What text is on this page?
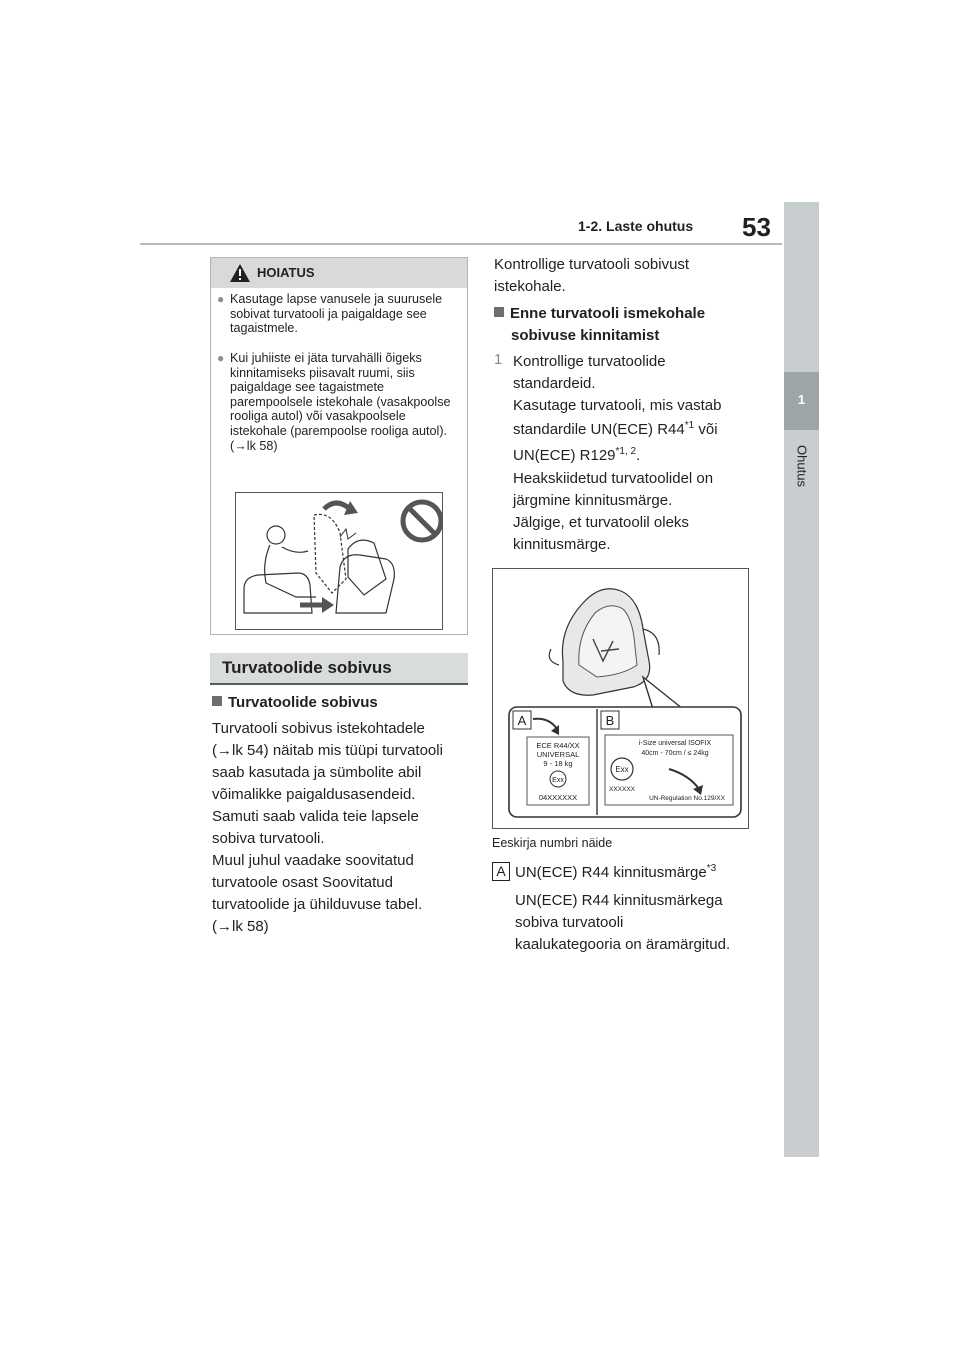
1-2. Laste ohutus 53
1
Ohutus
HOIATUS
● Kasutage lapse vanusele ja suurusele sobivat turvatooli ja paigaldage see tagaistmele.
● Kui juhiiste ei jäta turvahälli õigeks kinnitamiseks piisavalt ruumi, siis paigaldage see tagaistmete parempoolsele istekohale (vasakpoolse rooliga autol) või vasakpoolsele istekohale (parempoolse rooliga autol). (→lk 58)
Turvatoolide sobivus
Turvatoolide sobivus
Turvatooli sobivus istekohtadele
(→lk 54) näitab mis tüüpi turvatooli
saab kasutada ja sümbolite abil
võimalikke paigaldusasendeid.
Samuti saab valida teie lapsele
sobiva turvatooli.
Muul juhul vaadake soovitatud
turvatoole osast Soovitatud
turvatoolide ja ühilduvuse tabel.
(→lk 58)
Kontrollige turvatooli sobivust
istekohale.
Enne turvatooli ismekohale
sobivuse kinnitamist
1 Kontrollige turvatoolide
standardeid.
Kasutage turvatooli, mis vastab
standardile UN(ECE) R44$^{*1}$ või
UN(ECE) R129$^{*1, 2}$.
Heakskiidetud turvatoolidel on
järgmine kinnitusmärge.
Jälgige, et turvatoolil oleks
kinnitusmärge.
A
ECE R44/XX
UNIVERSAL
9 - 18 kg
Exx
04XXXXXX
B
i-Size universal ISOFIX
40cm - 70cm / ≤ 24kg
Exx
XXXXXX
UN-Regulation No.129/XX
Eeskirja numbri näide
A UN(ECE) R44 kinnitusmärge$^{*3}$
UN(ECE) R44 kinnitusmärkega
sobiva turvatooli
kaalukategooria on äramärgitud.
